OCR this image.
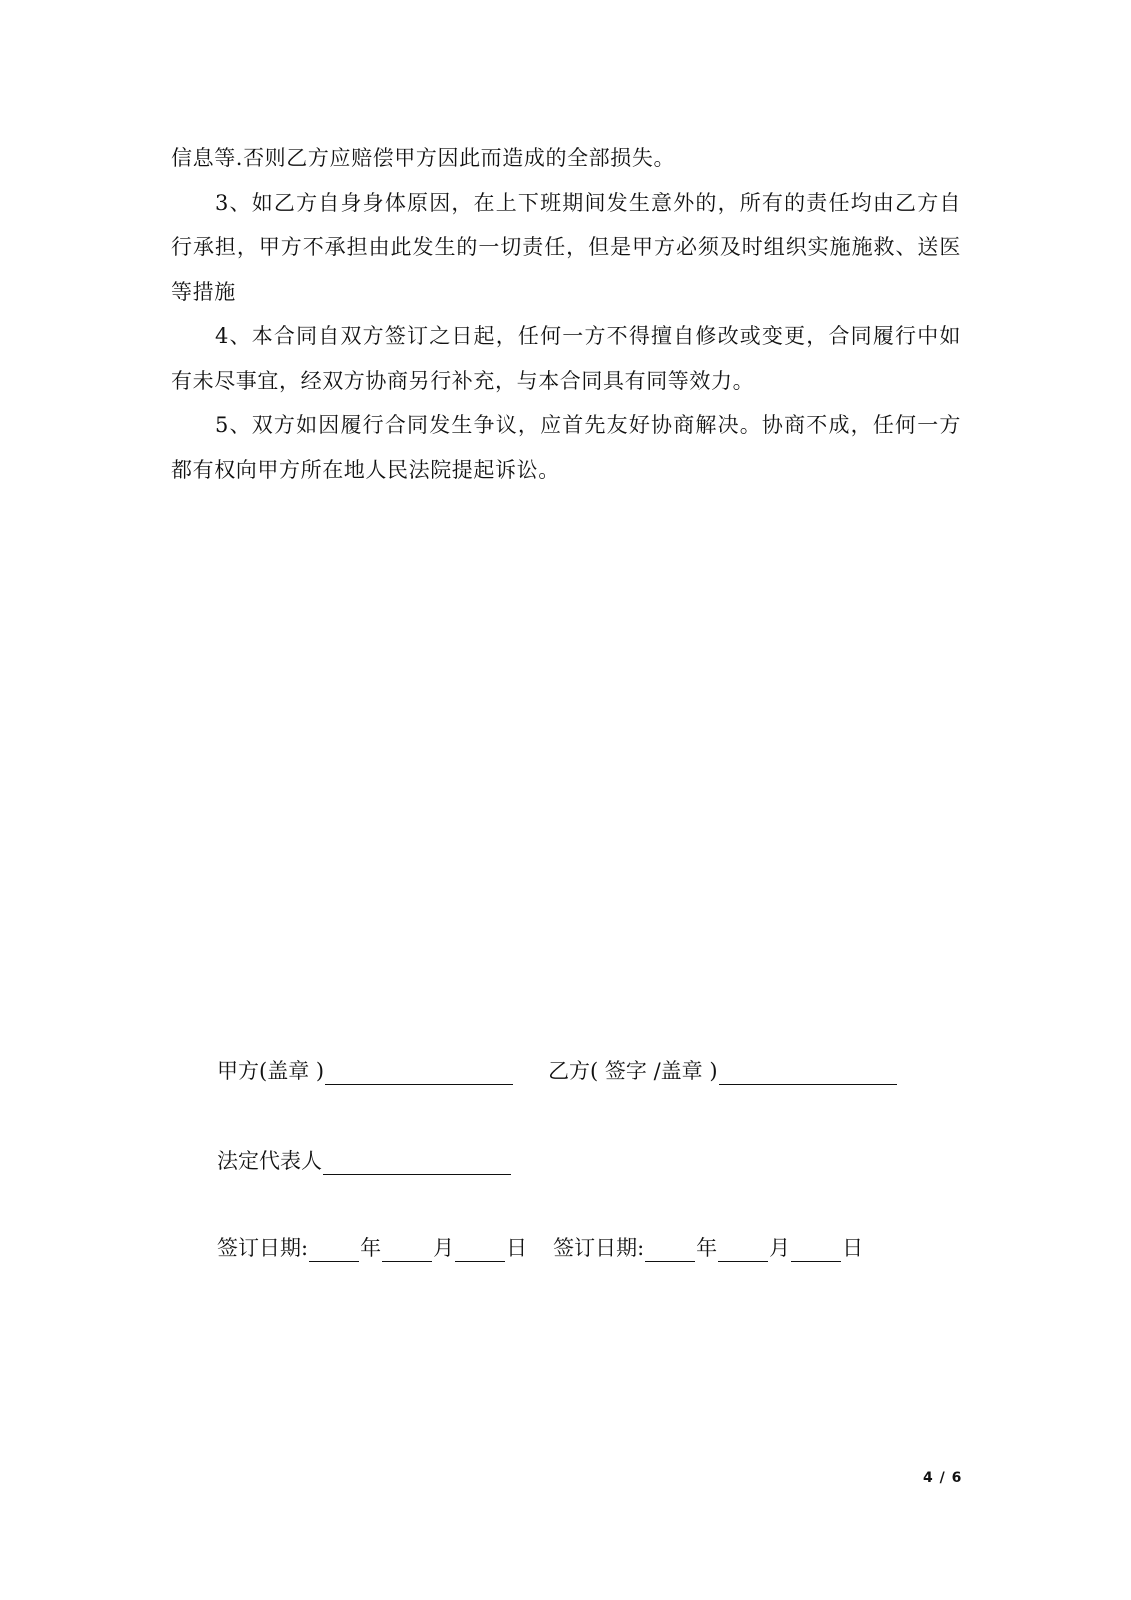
信息等.否则乙方应赔偿甲方因此而造成的全部损失。

3、如乙方自身身体原因，在上下班期间发生意外的，所有的责任均由乙方自行承担，甲方不承担由此发生的一切责任，但是甲方必须及时组织实施施救、送医等措施

4、本合同自双方签订之日起，任何一方不得擅自修改或变更，合同履行中如有未尽事宜，经双方协商另行补充，与本合同具有同等效力。

5、双方如因履行合同发生争议，应首先友好协商解决。协商不成，任何一方都有权向甲方所在地人民法院提起诉讼。

甲方(盖章 )	乙方( 签字 /盖章 )
法定代表人
签订日期: 年 月 日 签订日期: 年 月 日
4 / 6
